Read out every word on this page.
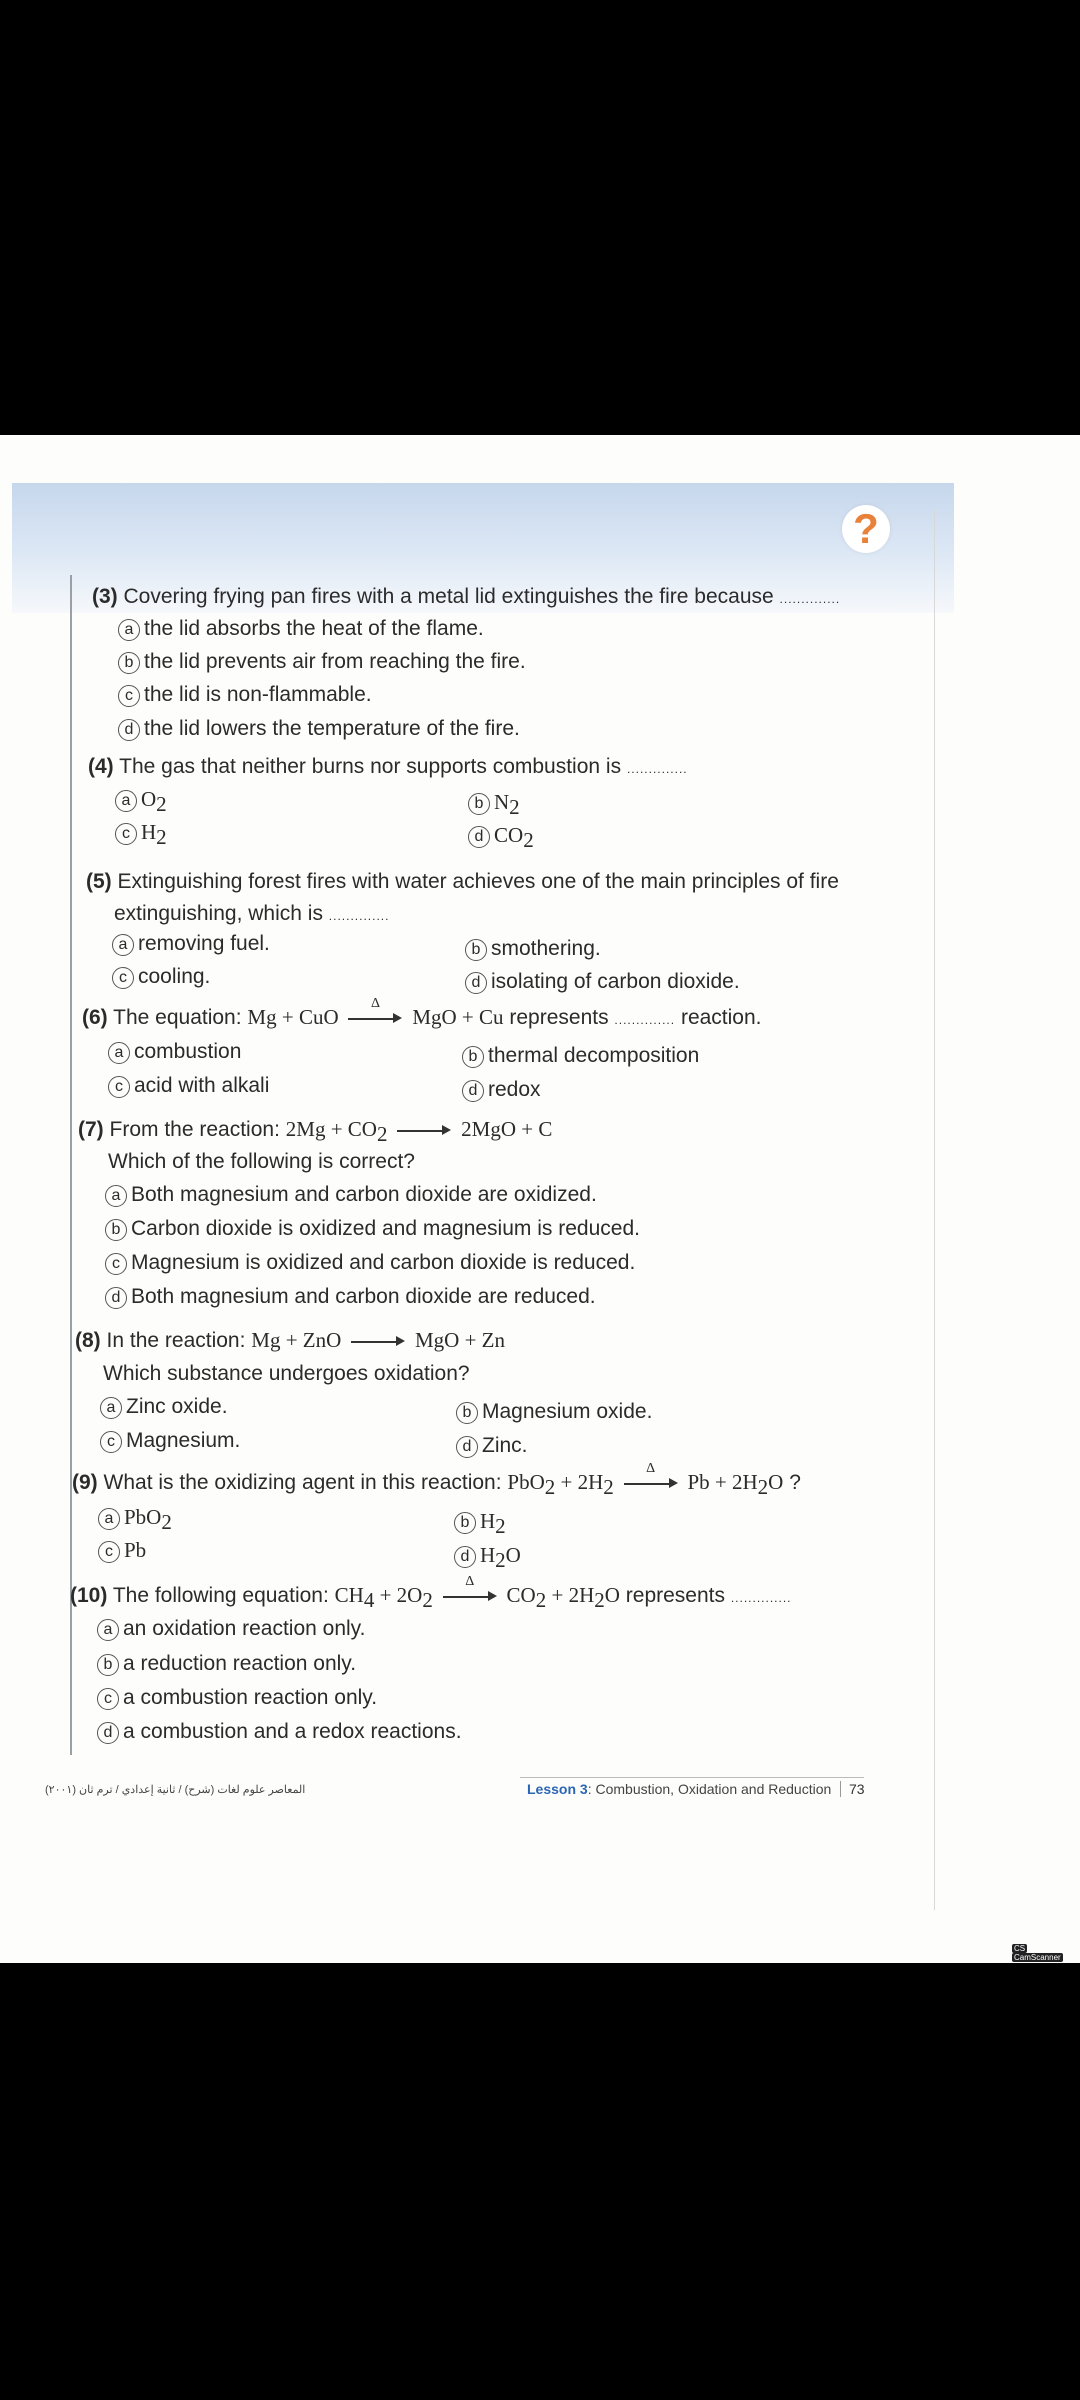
?
(3) Covering frying pan fires with a metal lid extinguishes the fire because ..............
a the lid absorbs the heat of the flame.
b the lid prevents air from reaching the fire.
c the lid is non-flammable.
d the lid lowers the temperature of the fire.
(4) The gas that neither burns nor supports combustion is ..............
a $O_2$	b $N_2$
c $H_2$	d $CO_2$
(5) Extinguishing forest fires with water achieves one of the main principles of fire
extinguishing, which is ..............
a removing fuel.	b smothering.
c cooling.	d isolating of carbon dioxide.
(6) The equation: Mg + CuO
Δ
MgO + Cu represents .............. reaction.
a combustion	b thermal decomposition
c acid with alkali	d redox
(7) From the reaction: $2Mg + CO_2$	2MgO + C
Which of the following is correct?
a Both magnesium and carbon dioxide are oxidized.
b Carbon dioxide is oxidized and magnesium is reduced.
c Magnesium is oxidized and carbon dioxide is reduced.
d Both magnesium and carbon dioxide are reduced.
(8) In the reaction: Mg + ZnO	MgO + Zn
Which substance undergoes oxidation?
a Zinc oxide.	b Magnesium oxide.
c Magnesium.	d Zinc.
(9) What is the oxidizing agent in this reaction: $PbO_2 + 2H_2$
Δ
$Pb + 2H_2O$ ?
a PbO$_2$	b $H_2$
c Pb	d $H_2O$
(10) The following equation: $CH_4 + 2O_2$
Δ
$CO_2 + 2H_2O$ represents ..............
a an oxidation reaction only.
b a reduction reaction only.
c a combustion reaction only.
d a combustion and a redox reactions.
المعاصر علوم لغات (شرح) / ثانية إعدادي / ترم ثان (٢٠٠١)	Lesson 3: Combustion, Oxidation and Reduction	73
CSCamScanner
